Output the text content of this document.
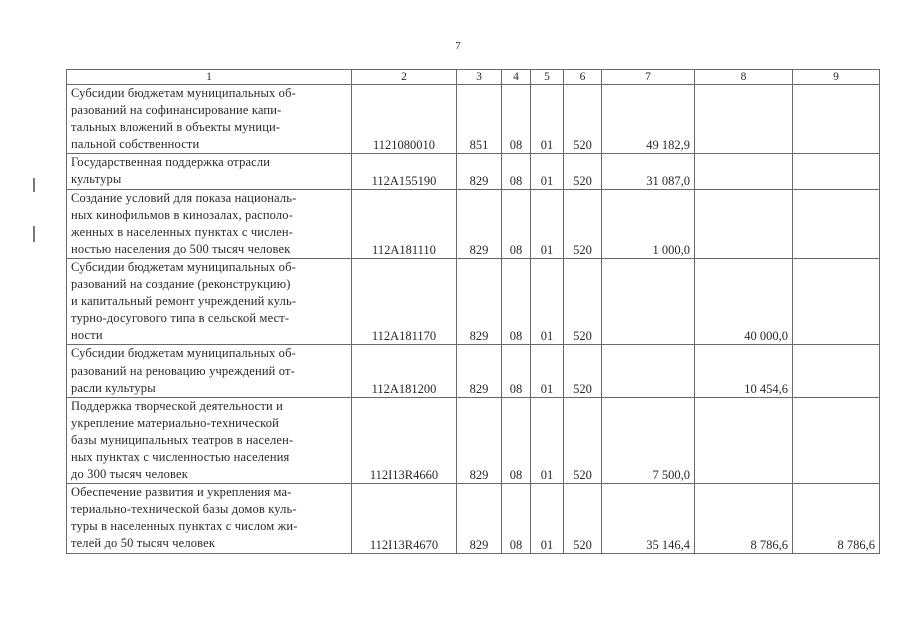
7
1	2	3	4	5	6	7	8	9

Субсидии бюджетам муниципальных об-
разований на софинансирование капи-
тальных вложений в объекты муници-
пальной собственности	1121080010	851	08	01	520	49 182,9		

Государственная поддержка отрасли
культуры	112A155190	829	08	01	520	31 087,0		

Создание условий для показа националь-
ных кинофильмов в кинозалах, располо-
женных в населенных пунктах с числен-
ностью населения до 500 тысяч человек	112A181110	829	08	01	520	1 000,0		

Субсидии бюджетам муниципальных об-
разований на создание (реконструкцию)
и капитальный ремонт учреждений куль-
турно-досугового типа в сельской мест-
ности	112A181170	829	08	01	520		40 000,0	

Субсидии бюджетам муниципальных об-
разований на реновацию учреждений от-
расли культуры	112A181200	829	08	01	520		10 454,6	

Поддержка творческой деятельности и
укрепление материально-технической
базы муниципальных театров в населен-
ных пунктах с численностью населения
до 300 тысяч человек	112I13R4660	829	08	01	520	7 500,0		

Обеспечение развития и укрепления ма-
териально-технической базы домов куль-
туры в населенных пунктах с числом жи-
телей до 50 тысяч человек	112I13R4670	829	08	01	520	35 146,4	8 786,6	8 786,6
